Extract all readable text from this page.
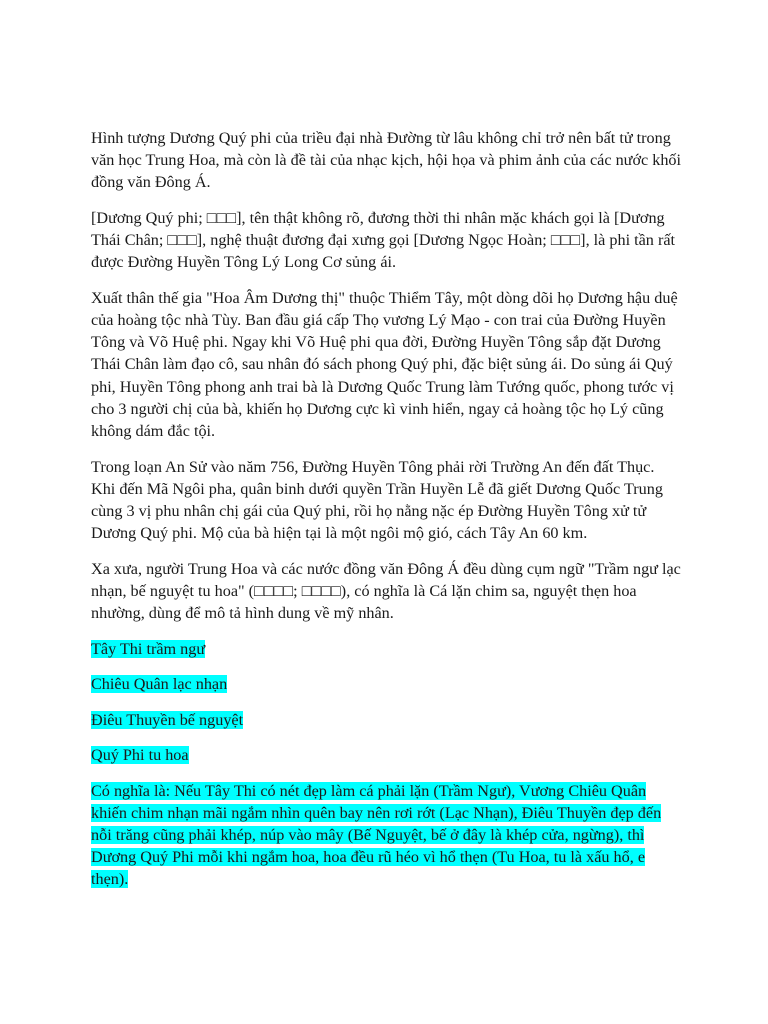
Hình tượng Dương Quý phi của triều đại nhà Đường từ lâu không chỉ trở nên bất tử trong văn học Trung Hoa, mà còn là đề tài của nhạc kịch, hội họa và phim ảnh của các nước khối đồng văn Đông Á.

[Dương Quý phi; □□□], tên thật không rõ, đương thời thi nhân mặc khách gọi là [Dương Thái Chân; □□□], nghệ thuật đương đại xưng gọi [Dương Ngọc Hoàn; □□□], là phi tần rất được Đường Huyền Tông Lý Long Cơ sủng ái.

Xuất thân thế gia "Hoa Âm Dương thị" thuộc Thiểm Tây, một dòng dõi họ Dương hậu duệ của hoàng tộc nhà Tùy. Ban đầu giá cấp Thọ vương Lý Mạo - con trai của Đường Huyền Tông và Võ Huệ phi. Ngay khi Võ Huệ phi qua đời, Đường Huyền Tông sắp đặt Dương Thái Chân làm đạo cô, sau nhân đó sách phong Quý phi, đặc biệt sủng ái. Do sủng ái Quý phi, Huyền Tông phong anh trai bà là Dương Quốc Trung làm Tướng quốc, phong tước vị cho 3 người chị của bà, khiến họ Dương cực kì vinh hiển, ngay cả hoàng tộc họ Lý cũng không dám đắc tội.

Trong loạn An Sử vào năm 756, Đường Huyền Tông phải rời Trường An đến đất Thục. Khi đến Mã Ngôi pha, quân binh dưới quyền Trần Huyền Lễ đã giết Dương Quốc Trung cùng 3 vị phu nhân chị gái của Quý phi, rồi họ nằng nặc ép Đường Huyền Tông xử tử Dương Quý phi. Mộ của bà hiện tại là một ngôi mộ gió, cách Tây An 60 km.

Xa xưa, người Trung Hoa và các nước đồng văn Đông Á đều dùng cụm ngữ "Trầm ngư lạc nhạn, bế nguyệt tu hoa" (□□□□; □□□□), có nghĩa là Cá lặn chim sa, nguyệt thẹn hoa nhường, dùng để mô tả hình dung về mỹ nhân.

Tây Thi trầm ngư

Chiêu Quân lạc nhạn

Điêu Thuyền bế nguyệt

Quý Phi tu hoa

Có nghĩa là: Nếu Tây Thi có nét đẹp làm cá phải lặn (Trầm Ngư), Vương Chiêu Quân khiến chim nhạn mãi ngắm nhìn quên bay nên rơi rớt (Lạc Nhạn), Điêu Thuyền đẹp đến nỗi trăng cũng phải khép, núp vào mây (Bế Nguyệt, bế ở đây là khép cửa, ngừng), thì Dương Quý Phi mỗi khi ngắm hoa, hoa đều rũ héo vì hổ thẹn (Tu Hoa, tu là xấu hổ, e thẹn).
